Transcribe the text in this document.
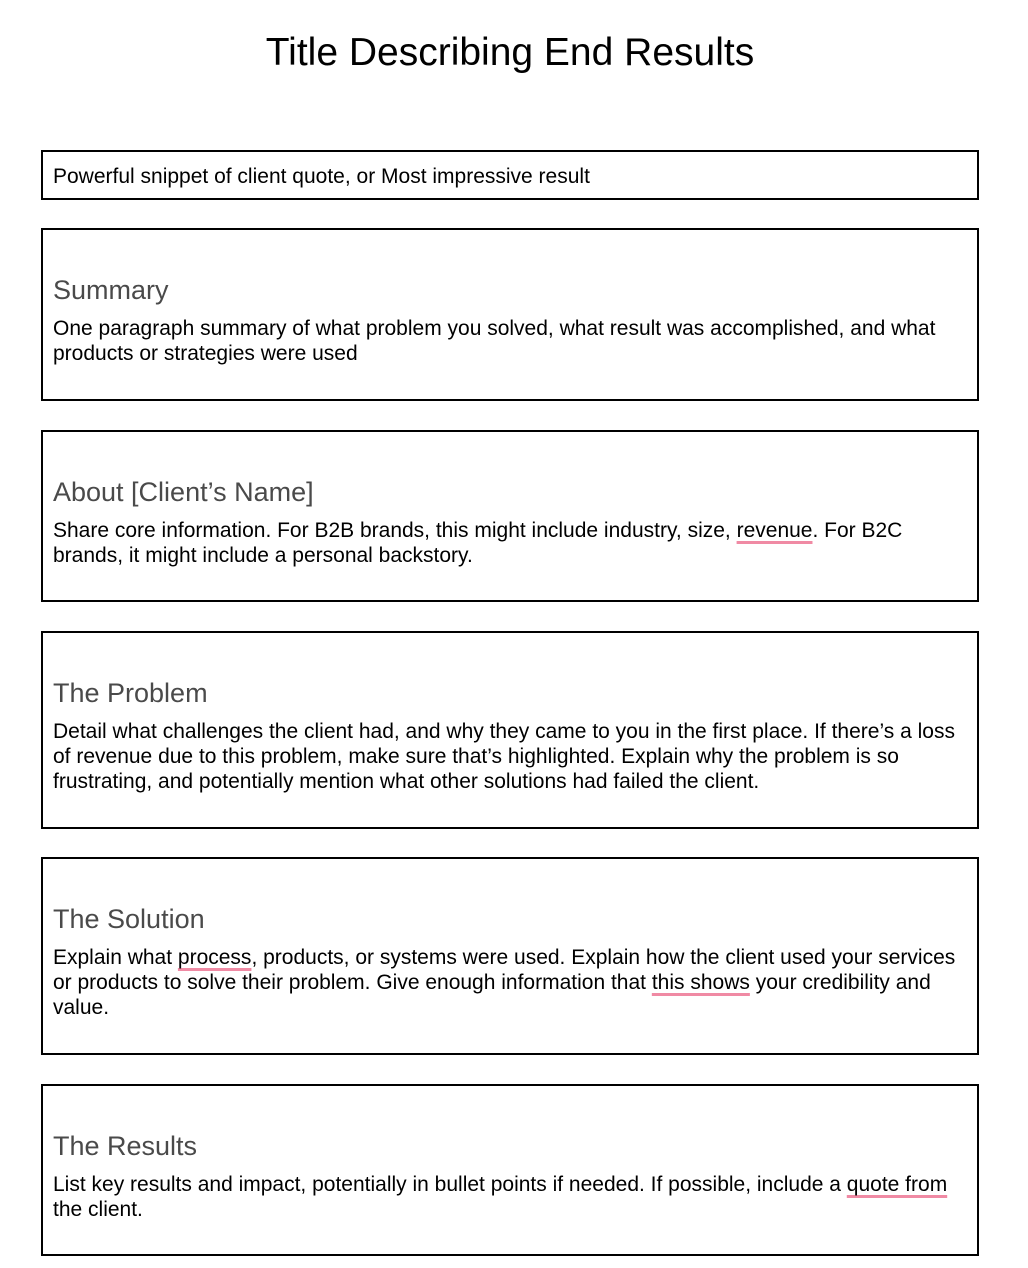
Title Describing End Results

Powerful snippet of client quote, or Most impressive result

Summary

One paragraph summary of what problem you solved, what result was accomplished, and what products or strategies were used

About [Client’s Name]

Share core information. For B2B brands, this might include industry, size, revenue. For B2C brands, it might include a personal backstory.

The Problem

Detail what challenges the client had, and why they came to you in the first place. If there’s a loss of revenue due to this problem, make sure that’s highlighted. Explain why the problem is so frustrating, and potentially mention what other solutions had failed the client.

The Solution

Explain what process, products, or systems were used. Explain how the client used your services or products to solve their problem. Give enough information that this shows your credibility and value.

The Results

List key results and impact, potentially in bullet points if needed. If possible, include a quote from the client.
